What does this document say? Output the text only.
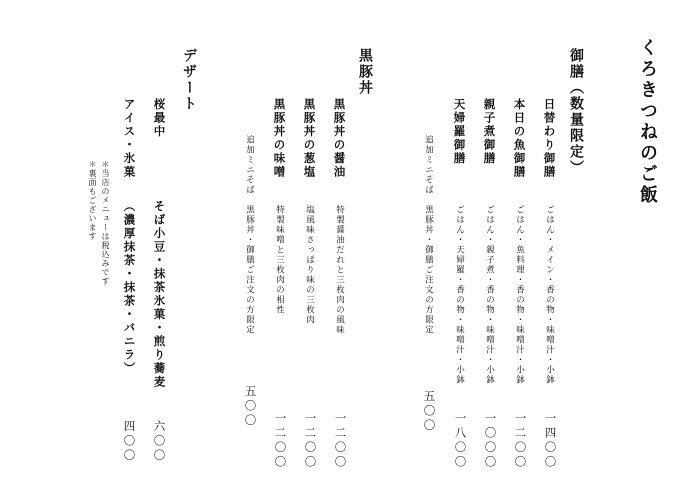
くろきつねのご飯
御膳（数量限定）
日替わり御膳
ごはん・メイン・香の物・味噌汁・小鉢
一四〇〇
本日の魚御膳
ごはん・魚料理・香の物・味噌汁・小鉢
一二〇〇
親子煮御膳
ごはん・親子煮・香の物・味噌汁・小鉢
一〇〇〇
天婦羅御膳
ごはん・天婦羅・香の物・味噌汁・小鉢
一八〇〇
追加ミニそば
黒豚丼・御膳ご注文の方限定
五〇〇
黒豚丼
黒豚丼の醤油
特製醤油だれと三枚肉の風味
一二〇〇
黒豚丼の葱塩
塩風味さっぱり味の三枚肉
一二〇〇
黒豚丼の味噌
特製味噌と三枚肉の相性
一二〇〇
追加ミニそば
黒豚丼・御膳ご注文の方限定
五〇〇
デザート
桜最中
そば小豆・抹茶氷菓・煎り蕎麦
六〇〇
アイス・氷菓
（濃厚抹茶・抹茶・バニラ）
四〇〇
＊当店のメニューは税込みです
＊裏面もございます
